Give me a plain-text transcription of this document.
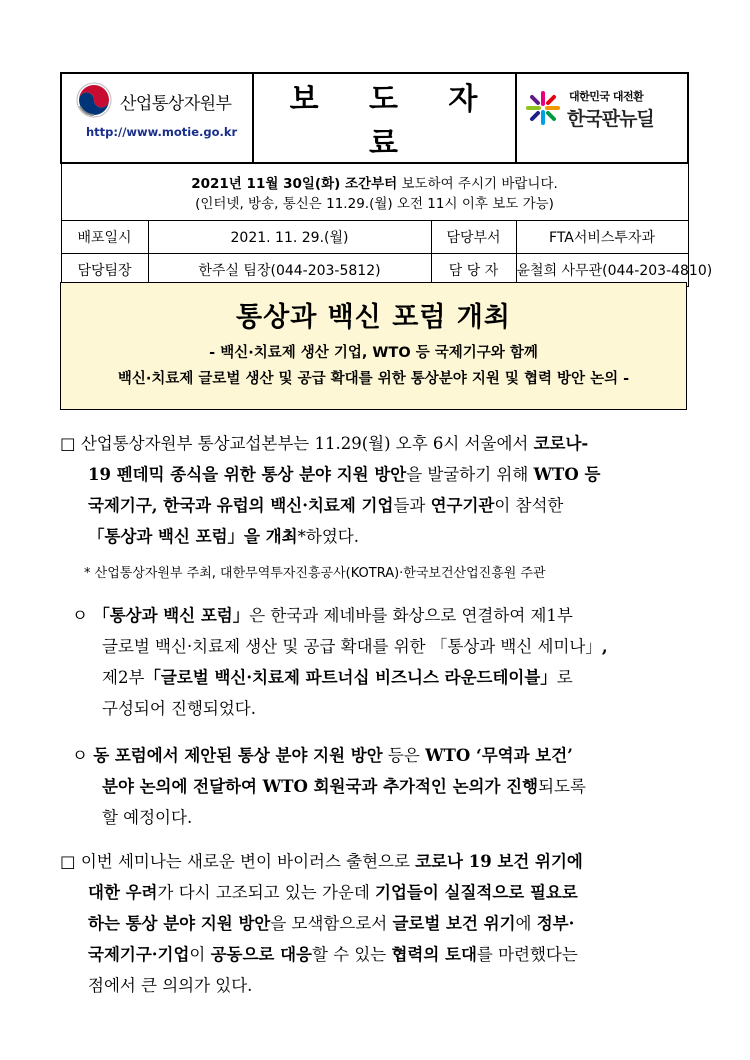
산업통상자원부
http://www.motie.go.kr		보 도 자 료		대한민국 대전환
한국판뉴딜

2021년 11월 30일(화) 조간부터 보도하여 주시기 바랍니다.
(인터넷, 방송, 통신은 11.29.(월) 오전 11시 이후 보도 가능)				

배포일시	2021. 11. 29.(월)		담당부서	FTA서비스투자과
담당팀장	한주실 팀장(044-203-5812)		담 당 자	윤철희 사무관(044-203-4810)
통상과 백신 포럼 개최
- 백신·치료제 생산 기업, WTO 등 국제기구와 함께
백신·치료제 글로벌 생산 및 공급 확대를 위한 통상분야 지원 및 협력 방안 논의 -
□ 산업통상자원부 통상교섭본부는 11.29(월) 오후 6시 서울에서 코로나-
19 펜데믹 종식을 위한 통상 분야 지원 방안을 발굴하기 위해 WTO 등
국제기구, 한국과 유럽의 백신·치료제 기업들과 연구기관이 참석한
「통상과 백신 포럼」을 개최*하였다.
* 산업통상자원부 주최, 대한무역투자진흥공사(KOTRA)·한국보건산업진흥원 주관
ㅇ 「통상과 백신 포럼」은 한국과 제네바를 화상으로 연결하여 제1부
글로벌 백신·치료제 생산 및 공급 확대를 위한 「통상과 백신 세미나」,
제2부「글로벌 백신·치료제 파트너십 비즈니스 라운드테이블」로
구성되어 진행되었다.
ㅇ 동 포럼에서 제안된 통상 분야 지원 방안 등은 WTO ‘무역과 보건’
분야 논의에 전달하여 WTO 회원국과 추가적인 논의가 진행되도록
할 예정이다.
□ 이번 세미나는 새로운 변이 바이러스 출현으로 코로나 19 보건 위기에
대한 우려가 다시 고조되고 있는 가운데 기업들이 실질적으로 필요로
하는 통상 분야 지원 방안을 모색함으로서 글로벌 보건 위기에 정부·
국제기구·기업이 공동으로 대응할 수 있는 협력의 토대를 마련했다는
점에서 큰 의의가 있다.
